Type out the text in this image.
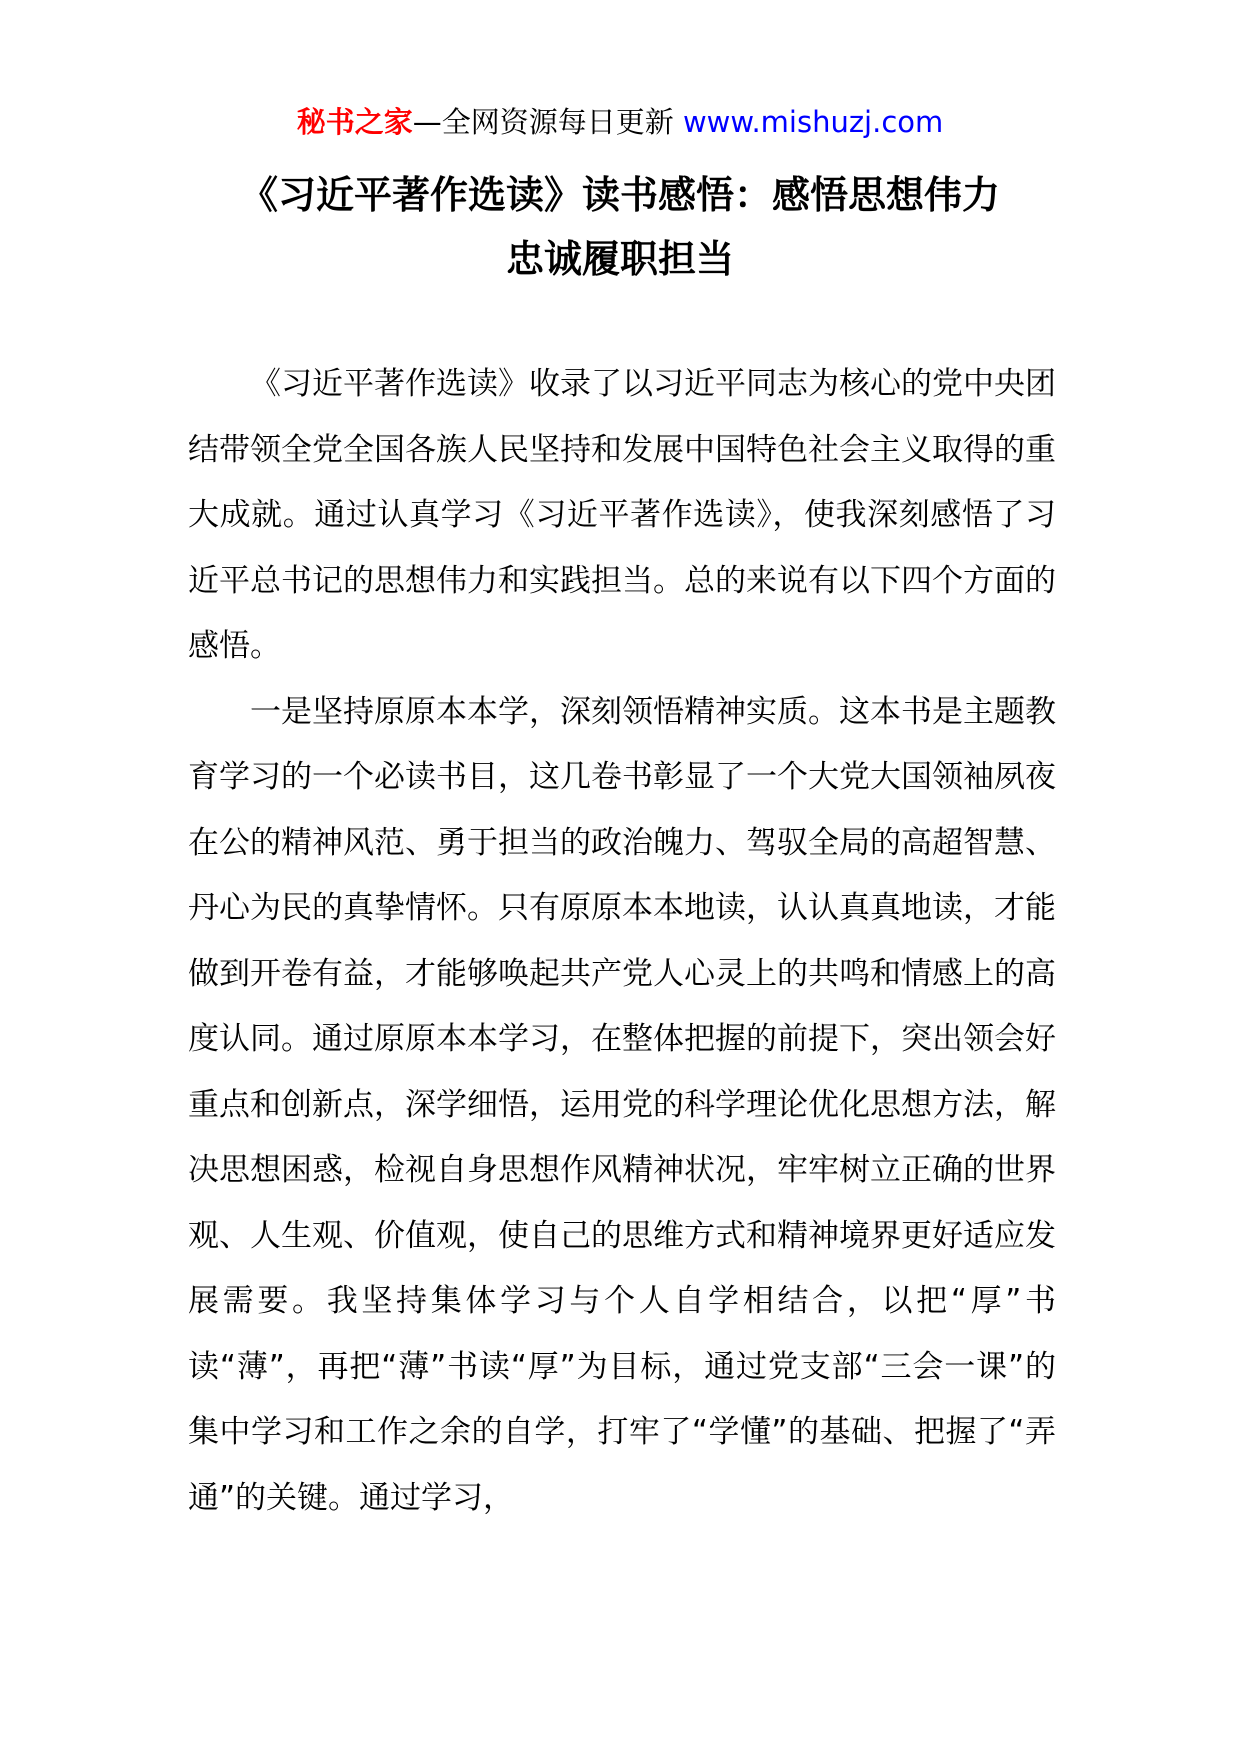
秘书之家—全网资源每日更新 www.mishuzj.com
《习近平著作选读》读书感悟：感悟思想伟力
忠诚履职担当

《习近平著作选读》收录了以习近平同志为核心的党中央团结带领全党全国各族人民坚持和发展中国特色社会主义取得的重大成就。通过认真学习《习近平著作选读》，使我深刻感悟了习近平总书记的思想伟力和实践担当。总的来说有以下四个方面的感悟。

一是坚持原原本本学，深刻领悟精神实质。这本书是主题教育学习的一个必读书目，这几卷书彰显了一个大党大国领袖夙夜在公的精神风范、勇于担当的政治魄力、驾驭全局的高超智慧、丹心为民的真挚情怀。只有原原本本地读，认认真真地读，才能做到开卷有益，才能够唤起共产党人心灵上的共鸣和情感上的高度认同。通过原原本本学习，在整体把握的前提下，突出领会好重点和创新点，深学细悟，运用党的科学理论优化思想方法，解决思想困惑，检视自身思想作风精神状况，牢牢树立正确的世界观、人生观、价值观，使自己的思维方式和精神境界更好适应发展需要。我坚持集体学习与个人自学相结合，以把“厚”书读“薄”，再把“薄”书读“厚”为目标，通过党支部“三会一课”的集中学习和工作之余的自学，打牢了“学懂”的基础、把握了“弄通”的关键。通过学习，
